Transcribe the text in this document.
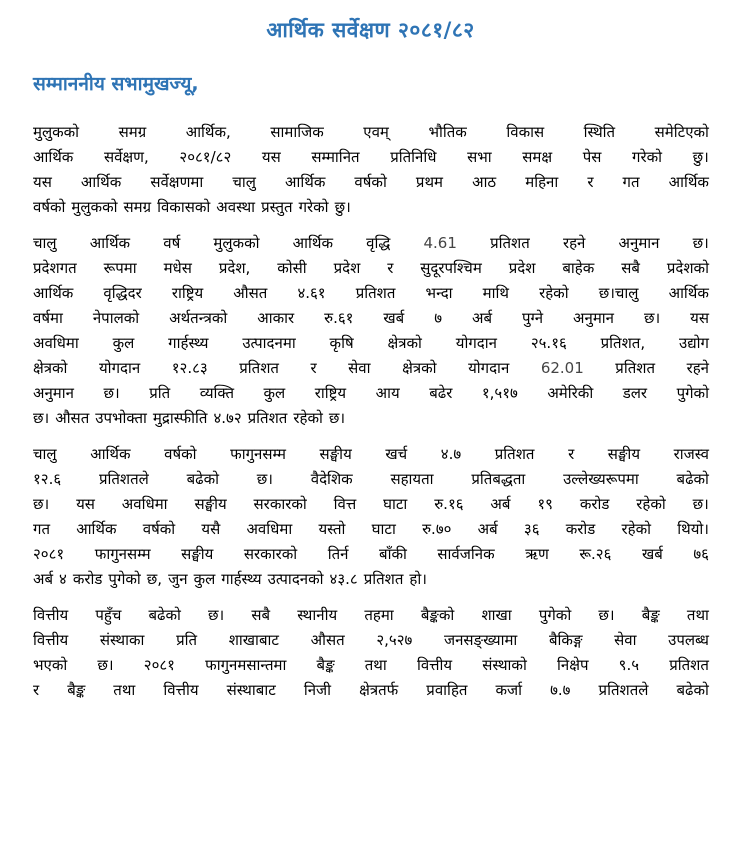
आर्थिक सर्वेक्षण २०८१/८२
सम्माननीय सभामुखज्यू,
मुलुकको	समग्र	आर्थिक,	सामाजिक	एवम्	भौतिक	विकास	स्थिति	समेटिएको
आर्थिक सर्वेक्षण, २०८१/८२ यस सम्मानित प्रतिनिधि सभा समक्ष पेस गरेको छु।
यस आर्थिक सर्वेक्षणमा चालु आर्थिक वर्षको प्रथम आठ महिना र गत आर्थिक
वर्षको मुलुकको समग्र विकासको अवस्था प्रस्तुत गरेको छु।
चालु आर्थिक वर्ष मुलुकको आर्थिक वृद्धि 4.61 प्रतिशत रहने अनुमान छ।
प्रदेशगत रूपमा मधेस प्रदेश, कोसी प्रदेश र सुदूरपश्चिम प्रदेश बाहेक सबै प्रदेशको
आर्थिक वृद्धिदर राष्ट्रिय औसत ४.६१ प्रतिशत भन्दा माथि रहेको छ।चालु आर्थिक
वर्षमा नेपालको अर्थतन्त्रको आकार रु.६१ खर्ब ७ अर्ब पुग्ने अनुमान छ। यस
अवधिमा कुल गार्हस्थ्य उत्पादनमा कृषि क्षेत्रको योगदान २५.१६ प्रतिशत, उद्योग
क्षेत्रको योगदान १२.८३ प्रतिशत र सेवा क्षेत्रको योगदान 62.01 प्रतिशत रहने
अनुमान छ। प्रति व्यक्ति कुल राष्ट्रिय आय बढेर १,५१७ अमेरिकी डलर पुगेको
छ। औसत उपभोक्ता मुद्रास्फीति ४.७२ प्रतिशत रहेको छ।
चालु आर्थिक वर्षको फागुनसम्म सङ्घीय खर्च ४.७ प्रतिशत र सङ्घीय राजस्व
१२.६	प्रतिशतले	बढेको	छ।	वैदेशिक	सहायता	प्रतिबद्धता	उल्लेख्यरूपमा	बढेको
छ। यस अवधिमा सङ्घीय सरकारको वित्त घाटा रु.१६ अर्ब १९ करोड रहेको छ।
गत आर्थिक वर्षको यसै अवधिमा यस्तो घाटा रु.७० अर्ब ३६ करोड रहेको थियो।
२०८१ फागुनसम्म सङ्घीय सरकारको तिर्न बाँकी सार्वजनिक ऋण रू.२६ खर्ब ७६
अर्ब ४ करोड पुगेको छ, जुन कुल गार्हस्थ्य उत्पादनको ४३.८ प्रतिशत हो।
वित्तीय पहुँच बढेको छ। सबै स्थानीय तहमा बैङ्कको शाखा पुगेको छ। बैङ्क तथा
वित्तीय संस्थाका प्रति शाखाबाट औसत २,५२७ जनसङ्ख्यामा बैकिङ्ग सेवा उपलब्ध
भएको छ। २०८१ फागुनमसान्तमा बैङ्क तथा वित्तीय संस्थाको निक्षेप ९.५ प्रतिशत
र बैङ्क तथा वित्तीय संस्थाबाट निजी क्षेत्रतर्फ प्रवाहित कर्जा ७.७ प्रतिशतले बढेको
